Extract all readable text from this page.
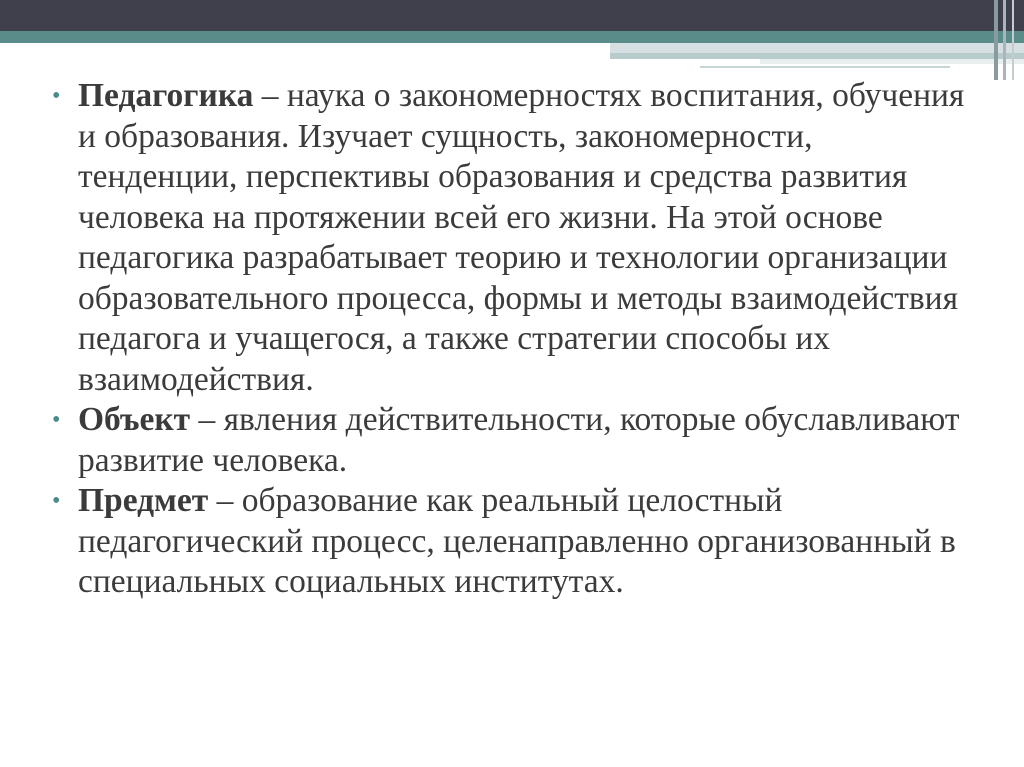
• Педагогика – наука о закономерностях воспитания, обучения и образования. Изучает сущность, закономерности, тенденции, перспективы образования и средства развития человека на протяжении всей его жизни. На этой основе педагогика разрабатывает теорию и технологии организации образовательного процесса, формы и методы взаимодействия педагога и учащегося, а также стратегии способы их взаимодействия.
• Объект – явления действительности, которые обуславливают развитие человека.
• Предмет – образование как реальный целостный педагогический процесс, целенаправленно организованный в специальных социальных институтах.
